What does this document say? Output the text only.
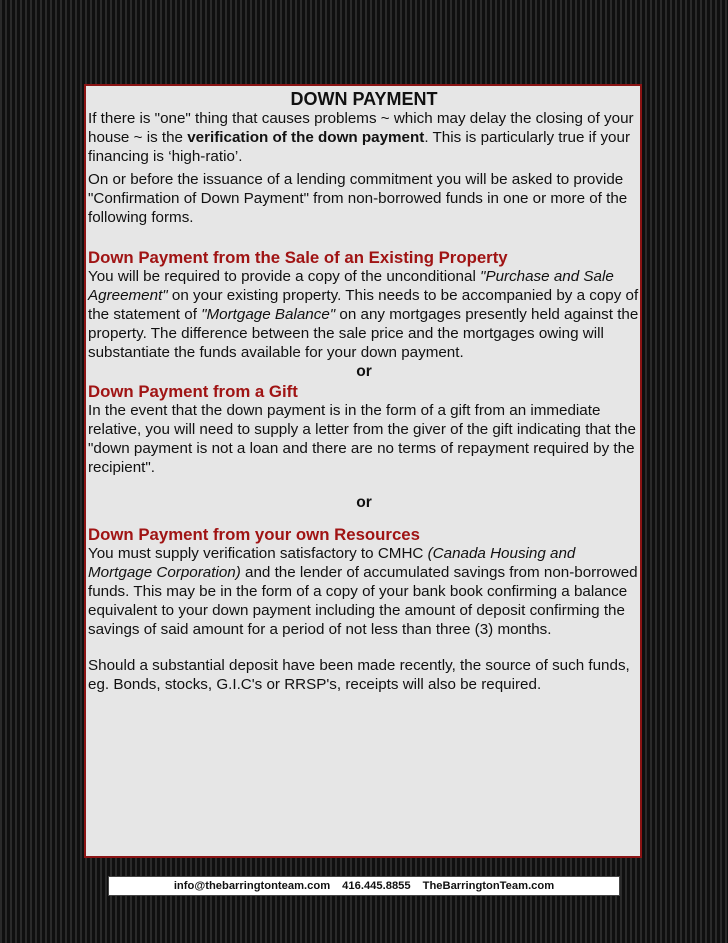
DOWN PAYMENT

If there is "one" thing that causes problems ~ which may delay the closing of your house ~ is the verification of the down payment. This is particularly true if your financing is ‘high-ratio’.

On or before the issuance of a lending commitment you will be asked to provide "Confirmation of Down Payment" from non-borrowed funds in one or more of the following forms.

Down Payment from the Sale of an Existing Property

You will be required to provide a copy of the unconditional "Purchase and Sale Agreement" on your existing property. This needs to be accompanied by a copy of the statement of "Mortgage Balance" on any mortgages presently held against the property. The difference between the sale price and the mortgages owing will substantiate the funds available for your down payment.

or

Down Payment from a Gift

In the event that the down payment is in the form of a gift from an immediate relative, you will need to supply a letter from the giver of the gift indicating that the "down payment is not a loan and there are no terms of repayment required by the recipient".

or

Down Payment from your own Resources

You must supply verification satisfactory to CMHC (Canada Housing and Mortgage Corporation) and the lender of accumulated savings from non-borrowed funds. This may be in the form of a copy of your bank book confirming a balance equivalent to your down payment including the amount of deposit confirming the savings of said amount for a period of not less than three (3) months.

Should a substantial deposit have been made recently, the source of such funds, eg. Bonds, stocks, G.I.C's or RRSP's, receipts will also be required.

info@thebarringtonteam.com 416.445.8855 TheBarringtonTeam.com
